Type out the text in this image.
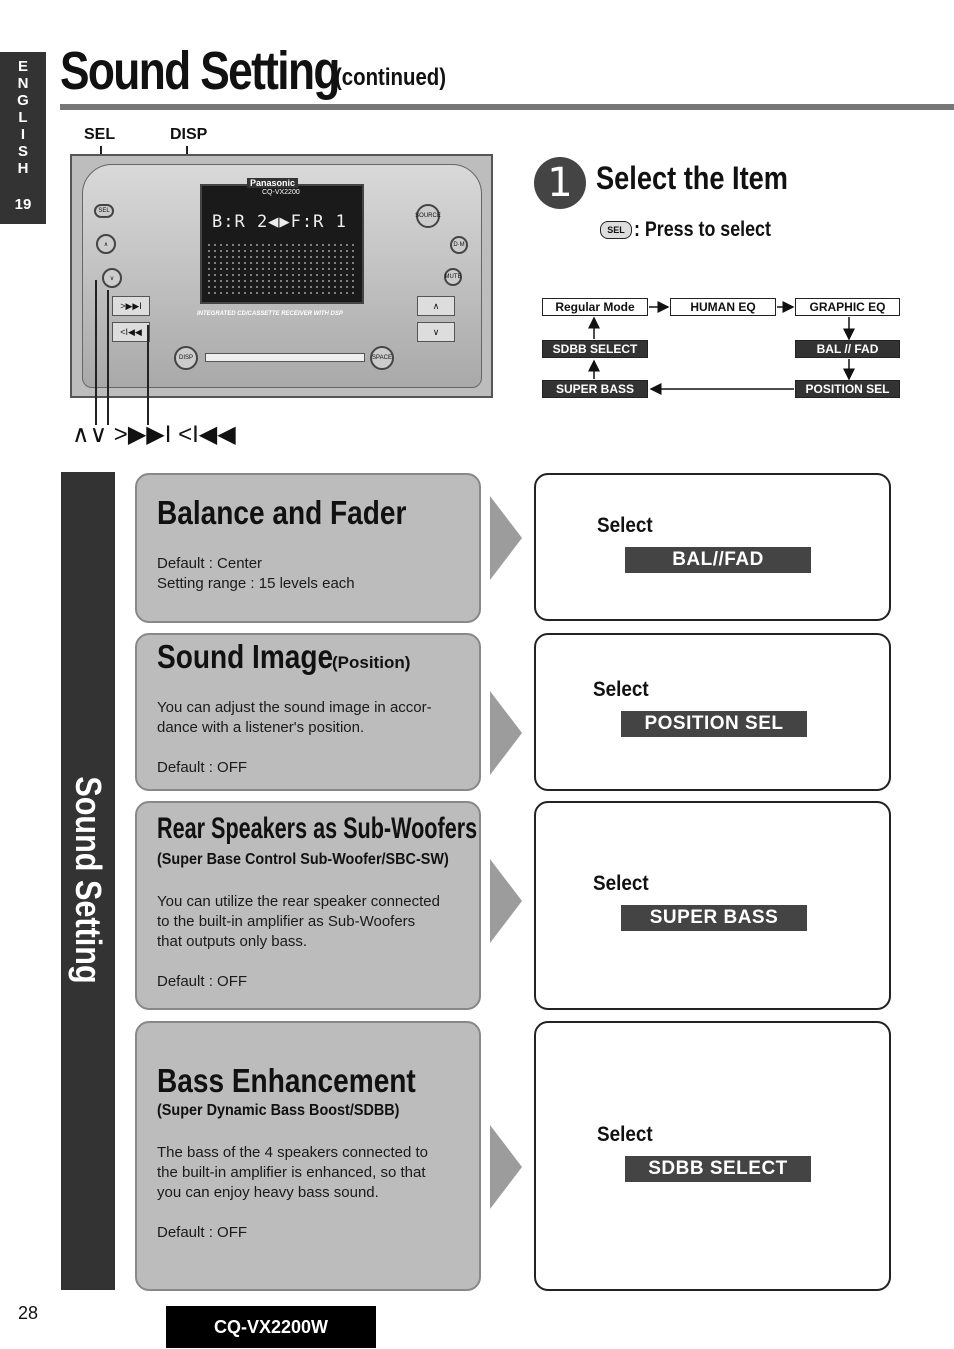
E
N
G
L
I
S
H
19
Sound Setting
(continued)
SEL	DISP
Panasonic
CQ-VX2200
B:R 2◀▶F:R 1
INTEGRATED CD/CASSETTE RECEIVER WITH DSP
SEL
∧
∨
>▶▶I
<I◀◀
DISP	SPACE
SOURCE
D·M
MUTE
∧
∨
∧∨ >▶▶I <I◀◀
1 Select the Item
SEL : Press to select
Regular Mode	HUMAN EQ	GRAPHIC EQ
SDBB SELECT	BAL // FAD
SUPER BASS	POSITION SEL
Sound Setting
Balance and Fader
Default : Center
Setting range : 15 levels each
Select
BAL//FAD
Sound Image
(Position)
You can adjust the sound image in accor-
dance with a listener's position.
Default : OFF
Select
POSITION SEL
Rear Speakers as Sub-Woofers
(Super Base Control Sub-Woofer/SBC-SW)
You can utilize the rear speaker connected
to the built-in amplifier as Sub-Woofers
that outputs only bass.
Default : OFF
Select
SUPER BASS
Bass Enhancement
(Super Dynamic Bass Boost/SDBB)
The bass of the 4 speakers connected to
the built-in amplifier is enhanced, so that
you can enjoy heavy bass sound.
Default : OFF
Select
SDBB SELECT
28
CQ-VX2200W
